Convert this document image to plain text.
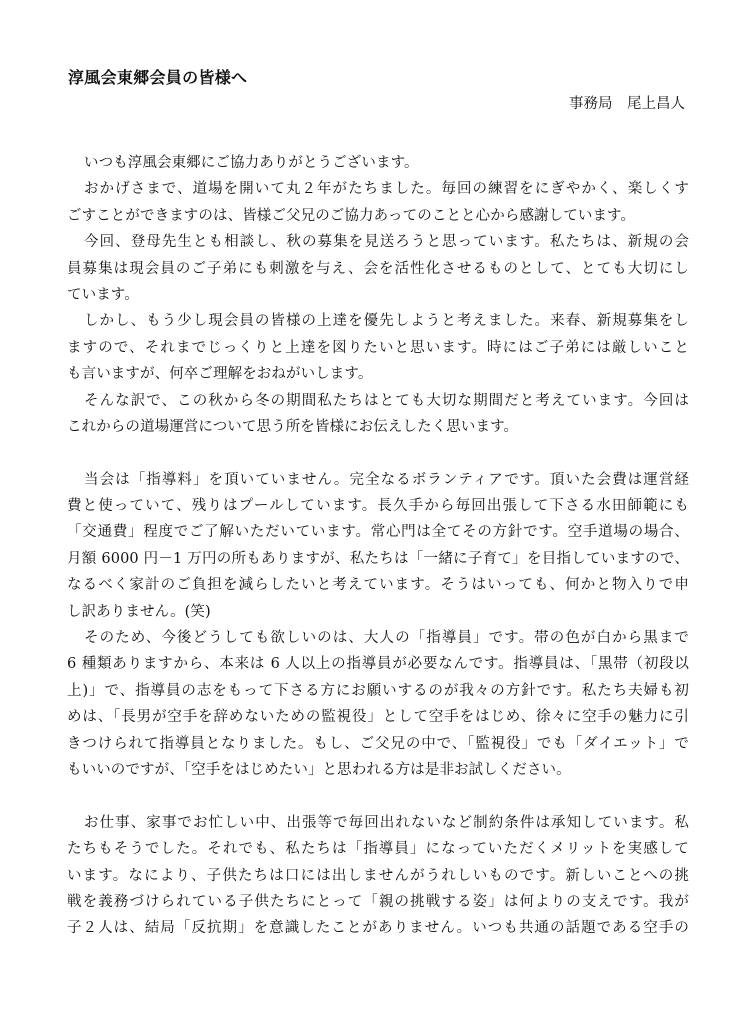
淳風会東郷会員の皆様へ
事務局　尾上昌人
いつも淳風会東郷にご協力ありがとうございます。
おかげさまで、道場を開いて丸２年がたちました。毎回の練習をにぎやかく、楽しくす
ごすことができますのは、皆様ご父兄のご協力あってのことと心から感謝しています。
今回、登母先生とも相談し、秋の募集を見送ろうと思っています。私たちは、新規の会
員募集は現会員のご子弟にも刺激を与え、会を活性化させるものとして、とても大切にし
ています。
しかし、もう少し現会員の皆様の上達を優先しようと考えました。来春、新規募集をし
ますので、それまでじっくりと上達を図りたいと思います。時にはご子弟には厳しいこと
も言いますが、何卒ご理解をおねがいします。
そんな訳で、この秋から冬の期間私たちはとても大切な期間だと考えています。今回は
これからの道場運営について思う所を皆様にお伝えしたく思います。
当会は「指導料」を頂いていません。完全なるボランティアです。頂いた会費は運営経
費と使っていて、残りはプールしています。長久手から毎回出張して下さる水田師範にも
「交通費」程度でご了解いただいています。常心門は全てその方針です。空手道場の場合、
月額 6000 円－1 万円の所もありますが、私たちは「一緒に子育て」を目指していますので、
なるべく家計のご負担を減らしたいと考えています。そうはいっても、何かと物入りで申
し訳ありません。(笑)
そのため、今後どうしても欲しいのは、大人の「指導員」です。帯の色が白から黒まで
6 種類ありますから、本来は 6 人以上の指導員が必要なんです。指導員は、「黒帯（初段以
上)」で、指導員の志をもって下さる方にお願いするのが我々の方針です。私たち夫婦も初
めは、「長男が空手を辞めないための監視役」として空手をはじめ、徐々に空手の魅力に引
きつけられて指導員となりました。もし、ご父兄の中で、「監視役」でも「ダイエット」で
もいいのですが、「空手をはじめたい」と思われる方は是非お試しください。
お仕事、家事でお忙しい中、出張等で毎回出れないなど制約条件は承知しています。私
たちもそうでした。それでも、私たちは「指導員」になっていただくメリットを実感して
います。なにより、子供たちは口には出しませんがうれしいものです。新しいことへの挑
戦を義務づけられている子供たちにとって「親の挑戦する姿」は何よりの支えです。我が
子２人は、結局「反抗期」を意識したことがありません。いつも共通の話題である空手の
